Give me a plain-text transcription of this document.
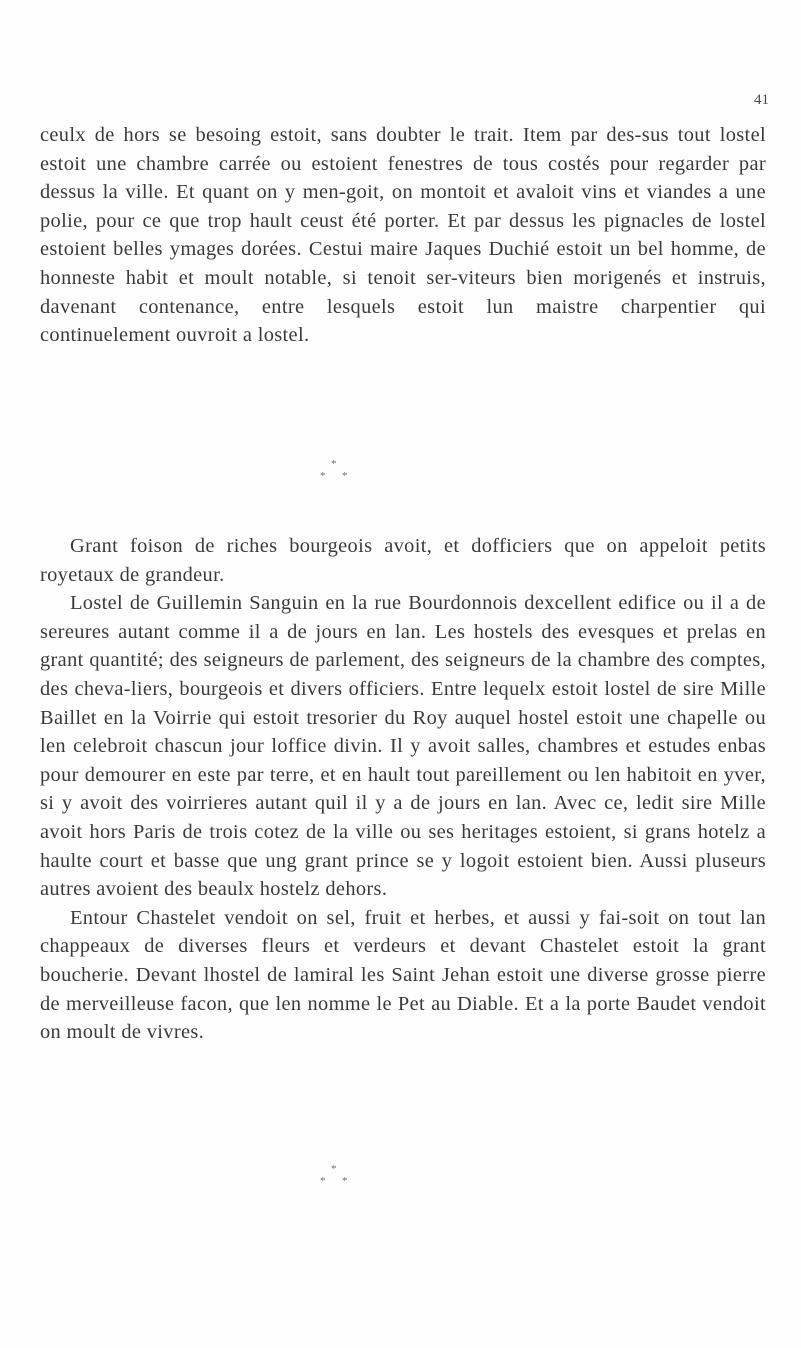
41

ceulx de hors se besoing estoit, sans doubter le trait. Item par des-sus tout lostel estoit une chambre carrée ou estoient fenestres de tous costés pour regarder par dessus la ville. Et quant on y men-goit, on montoit et avaloit vins et viandes a une polie, pour ce que trop hault ceust été porter. Et par dessus les pignacles de lostel estoient belles ymages dorées. Cestui maire Jaques Duchié estoit un bel homme, de honneste habit et moult notable, si tenoit ser-viteurs bien morigenés et instruis, davenant contenance, entre lesquels estoit lun maistre charpentier qui continuelement ouvroit a lostel.

*
* *

Grant foison de riches bourgeois avoit, et dofficiers que on appeloit petits royetaux de grandeur.

Lostel de Guillemin Sanguin en la rue Bourdonnois dexcellent edifice ou il a de sereures autant comme il a de jours en lan. Les hostels des evesques et prelas en grant quantité; des seigneurs de parlement, des seigneurs de la chambre des comptes, des cheva-liers, bourgeois et divers officiers. Entre lequelx estoit lostel de sire Mille Baillet en la Voirrie qui estoit tresorier du Roy auquel hostel estoit une chapelle ou len celebroit chascun jour loffice divin. Il y avoit salles, chambres et estudes enbas pour demourer en este par terre, et en hault tout pareillement ou len habitoit en yver, si y avoit des voirrieres autant quil il y a de jours en lan. Avec ce, ledit sire Mille avoit hors Paris de trois cotez de la ville ou ses heritages estoient, si grans hotelz a haulte court et basse que ung grant prince se y logoit estoient bien. Aussi pluseurs autres avoient des beaulx hostelz dehors.

Entour Chastelet vendoit on sel, fruit et herbes, et aussi y fai-soit on tout lan chappeaux de diverses fleurs et verdeurs et devant Chastelet estoit la grant boucherie. Devant lhostel de lamiral les Saint Jehan estoit une diverse grosse pierre de merveilleuse facon, que len nomme le Pet au Diable. Et a la porte Baudet vendoit on moult de vivres.

*
* *
